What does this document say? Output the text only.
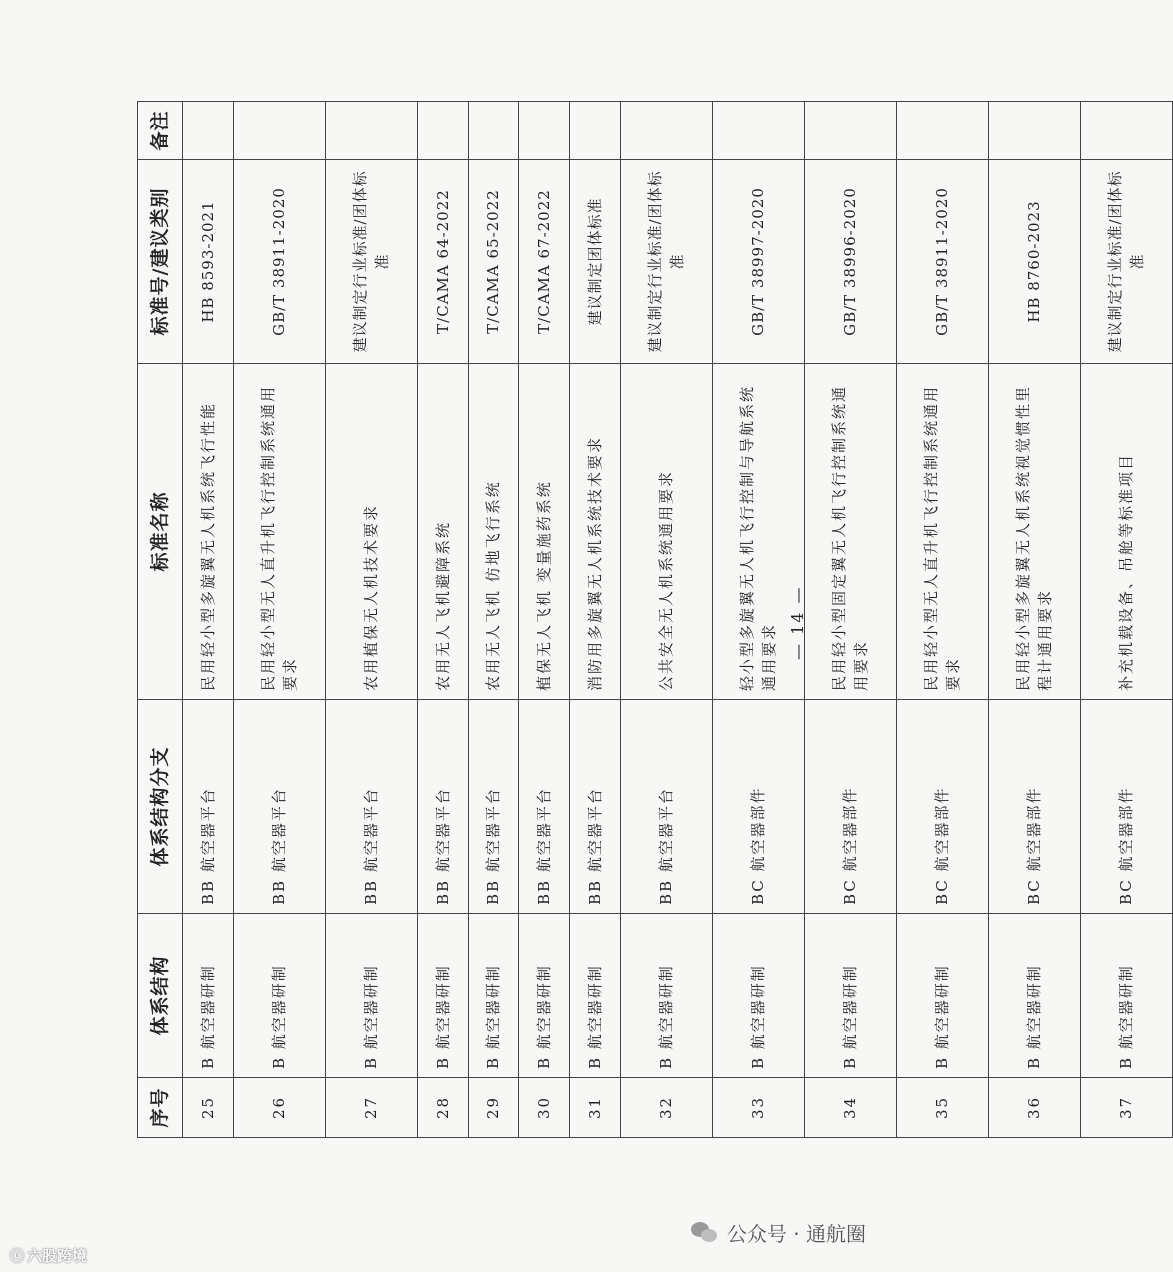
序号	体系结构	体系结构分支	标准名称	标准号/建议类别	备注
25	B 航空器研制	BB 航空器平台	民用轻小型多旋翼无人机系统飞行性能	HB 8593-2021	
26	B 航空器研制	BB 航空器平台	民用轻小型无人直升机飞行控制系统通用要求	GB/T 38911-2020	
27	B 航空器研制	BB 航空器平台	农用植保无人机技术要求	建议制定行业标准/团体标准	
28	B 航空器研制	BB 航空器平台	农用无人飞机避障系统	T/CAMA 64-2022	
29	B 航空器研制	BB 航空器平台	农用无人飞机 仿地飞行系统	T/CAMA 65-2022	
30	B 航空器研制	BB 航空器平台	植保无人飞机 变量施药系统	T/CAMA 67-2022	
31	B 航空器研制	BB 航空器平台	消防用多旋翼无人机系统技术要求	建议制定团体标准	
32	B 航空器研制	BB 航空器平台	公共安全无人机系统通用要求	建议制定行业标准/团体标准	
33	B 航空器研制	BC 航空器部件	轻小型多旋翼无人机飞行控制与导航系统通用要求	GB/T 38997-2020	
34	B 航空器研制	BC 航空器部件	民用轻小型固定翼无人机飞行控制系统通用要求	GB/T 38996-2020	
35	B 航空器研制	BC 航空器部件	民用轻小型无人直升机飞行控制系统通用要求	GB/T 38911-2020	
36	B 航空器研制	BC 航空器部件	民用轻小型多旋翼无人机系统视觉惯性里程计通用要求	HB 8760-2023	
37	B 航空器研制	BC 航空器部件	补充机载设备、吊舱等标准项目	建议制定行业标准/团体标准	
— 14 —
公众号 · 通航圈
ⓒ 六股跨境
